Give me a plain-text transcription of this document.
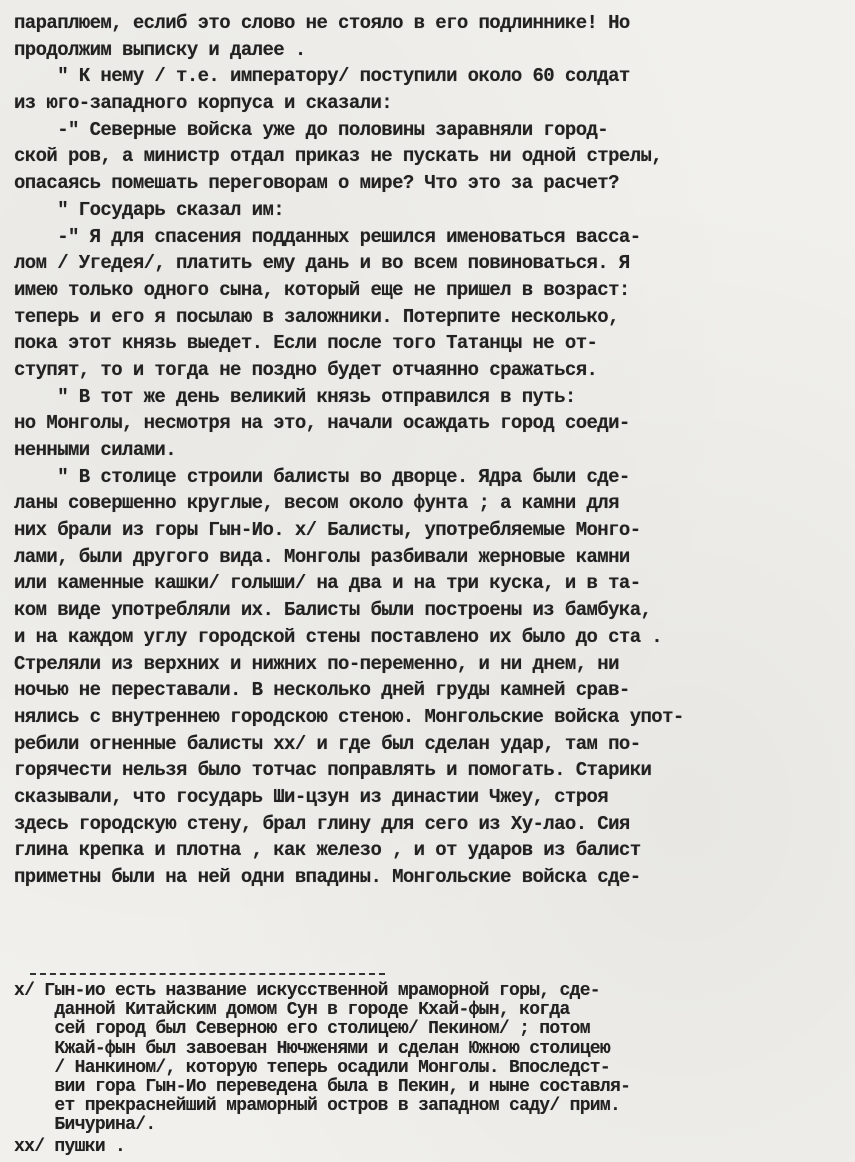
параплюем, еслиб это слово не стояло в его подлиннике! Но
продолжим выписку и далее .
" К нему / т.е. императору/ поступили около 60 солдат
из юго-западного корпуса и сказали:
-" Северные войска уже до половины заравняли город-
ской ров, а министр отдал приказ не пускать ни одной стрелы,
опасаясь помешать переговорам о мире? Что это за расчет?
" Государь сказал им:
-" Я для спасения подданных решился именоваться васса-
лом / Угедея/, платить ему дань и во всем повиноваться. Я
имею только одного сына, который еще не пришел в возраст:
теперь и его я посылаю в заложники. Потерпите несколько,
пока этот князь выедет. Если после того Татанцы не от-
ступят, то и тогда не поздно будет отчаянно сражаться.
" В тот же день великий князь отправился в путь:
но Монголы, несмотря на это, начали осаждать город соеди-
ненными силами.
" В столице строили балисты во дворце. Ядра были сде-
ланы совершенно круглые, весом около фунта ; а камни для
них брали из горы Гын-Ио. x/ Балисты, употребляемые Монго-
лами, были другого вида. Монголы разбивали жерновые камни
или каменные кашки/ голыши/ на два и на три куска, и в та-
ком виде употребляли их. Балисты были построены из бамбука,
и на каждом углу городской стены поставлено их было до ста .
Стреляли из верхних и нижних по-переменно, и ни днем, ни
ночью не переставали. В несколько дней груды камней срав-
нялись с внутреннею городскою стеною. Монгольские войска упот-
ребили огненные балисты xx/ и где был сделан удар, там по-
горячести нельзя было тотчас поправлять и помогать. Старики
сказывали, что государь Ши-цзун из династии Чжеу, строя
здесь городскую стену, брал глину для сего из Ху-лао. Сия
глина крепка и плотна , как железо , и от ударов из балист
приметны были на ней одни впадины. Монгольские войска сде-
x/ Гын-ио есть название искусственной мраморной горы, сде-
данной Китайским домом Сун в городе Кхай-фын, когда
сей город был Северною его столицею/ Пекином/ ; потом
Кжай-фын был завоеван Нючженями и сделан Южною столицею
/ Нанкином/, которую теперь осадили Монголы. Впоследст-
вии гора Гын-Ио переведена была в Пекин, и ныне составля-
ет прекраснейший мраморный остров в западном саду/ прим.
Бичурина/.
xx/ пушки .
